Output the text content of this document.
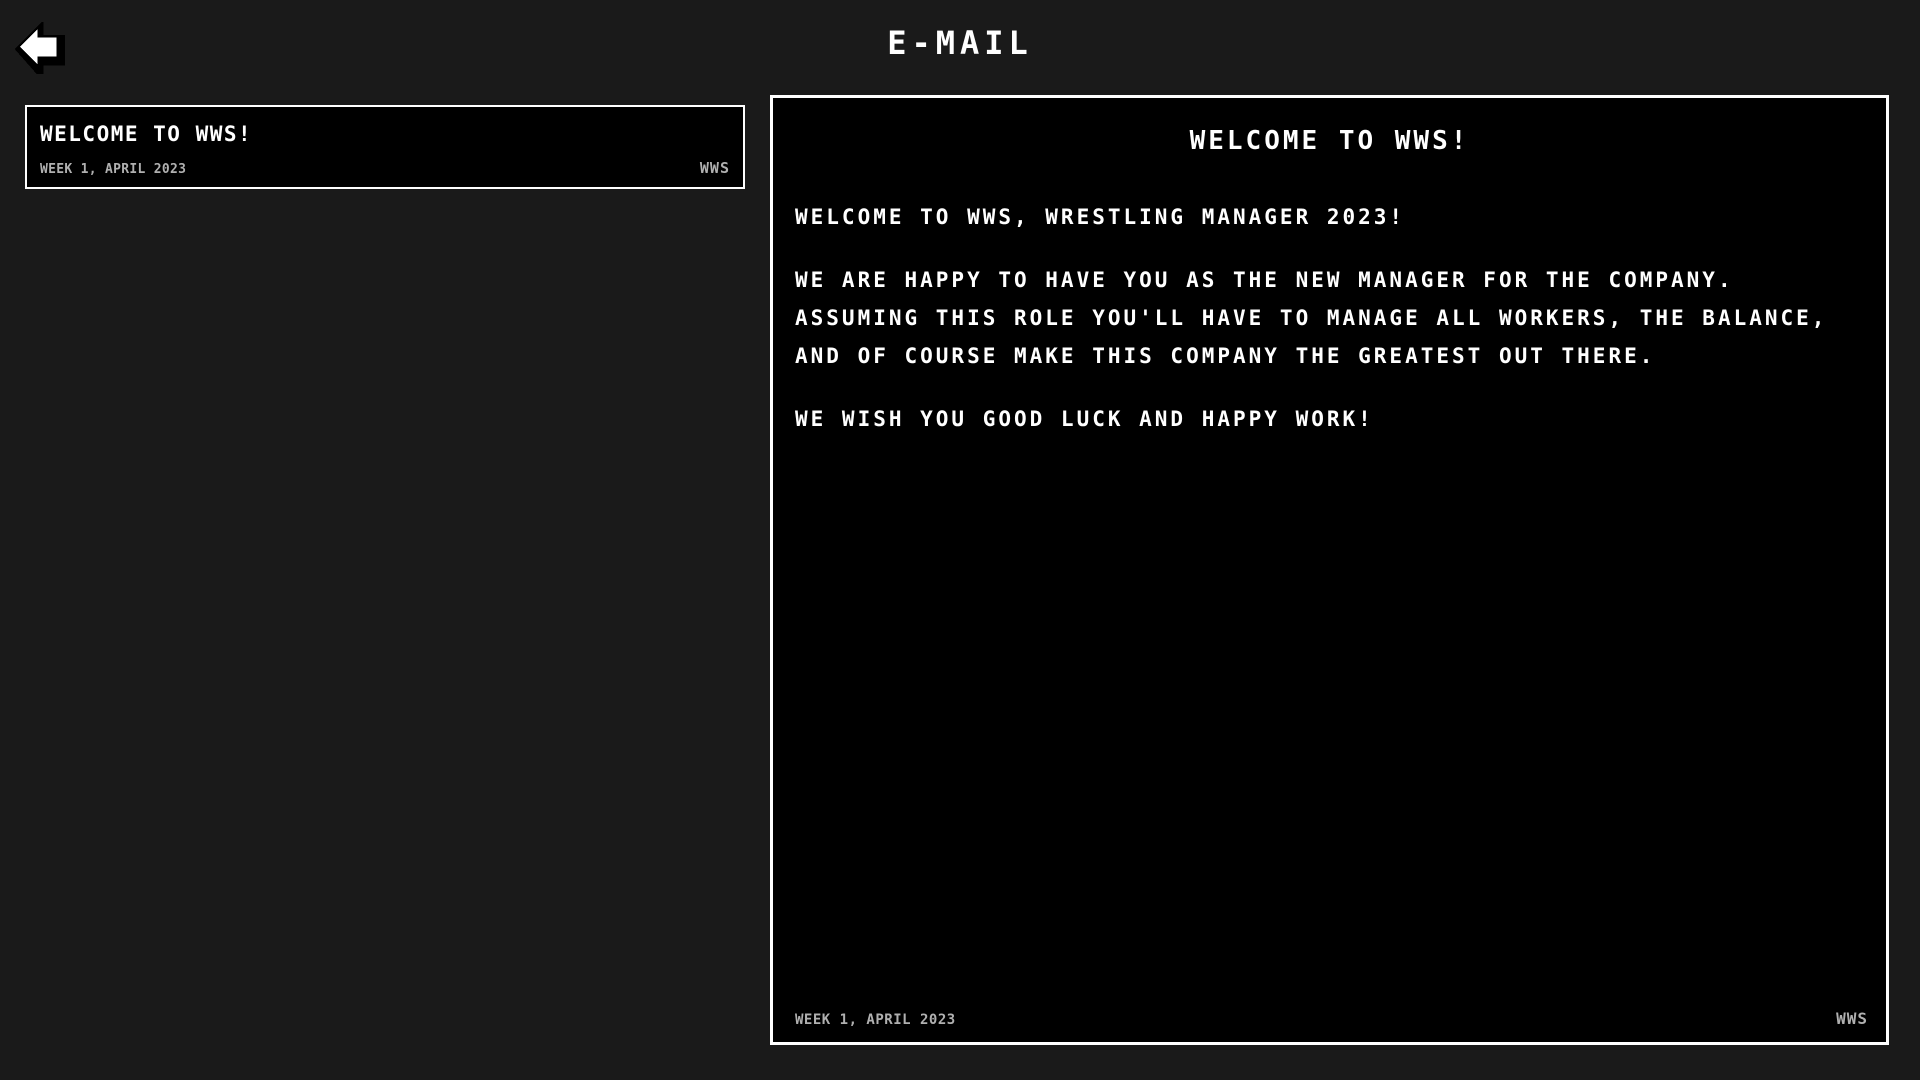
E-MAIL
WELCOME TO WWS!
WEEK 1, APRIL 2023	WWS
WELCOME TO WWS!

WELCOME TO WWS, WRESTLING MANAGER 2023!

WE ARE HAPPY TO HAVE YOU AS THE NEW MANAGER FOR THE COMPANY. ASSUMING THIS ROLE YOU'LL HAVE TO MANAGE ALL WORKERS, THE BALANCE, AND OF COURSE MAKE THIS COMPANY THE GREATEST OUT THERE.

WE WISH YOU GOOD LUCK AND HAPPY WORK!

WEEK 1, APRIL 2023	WWS
